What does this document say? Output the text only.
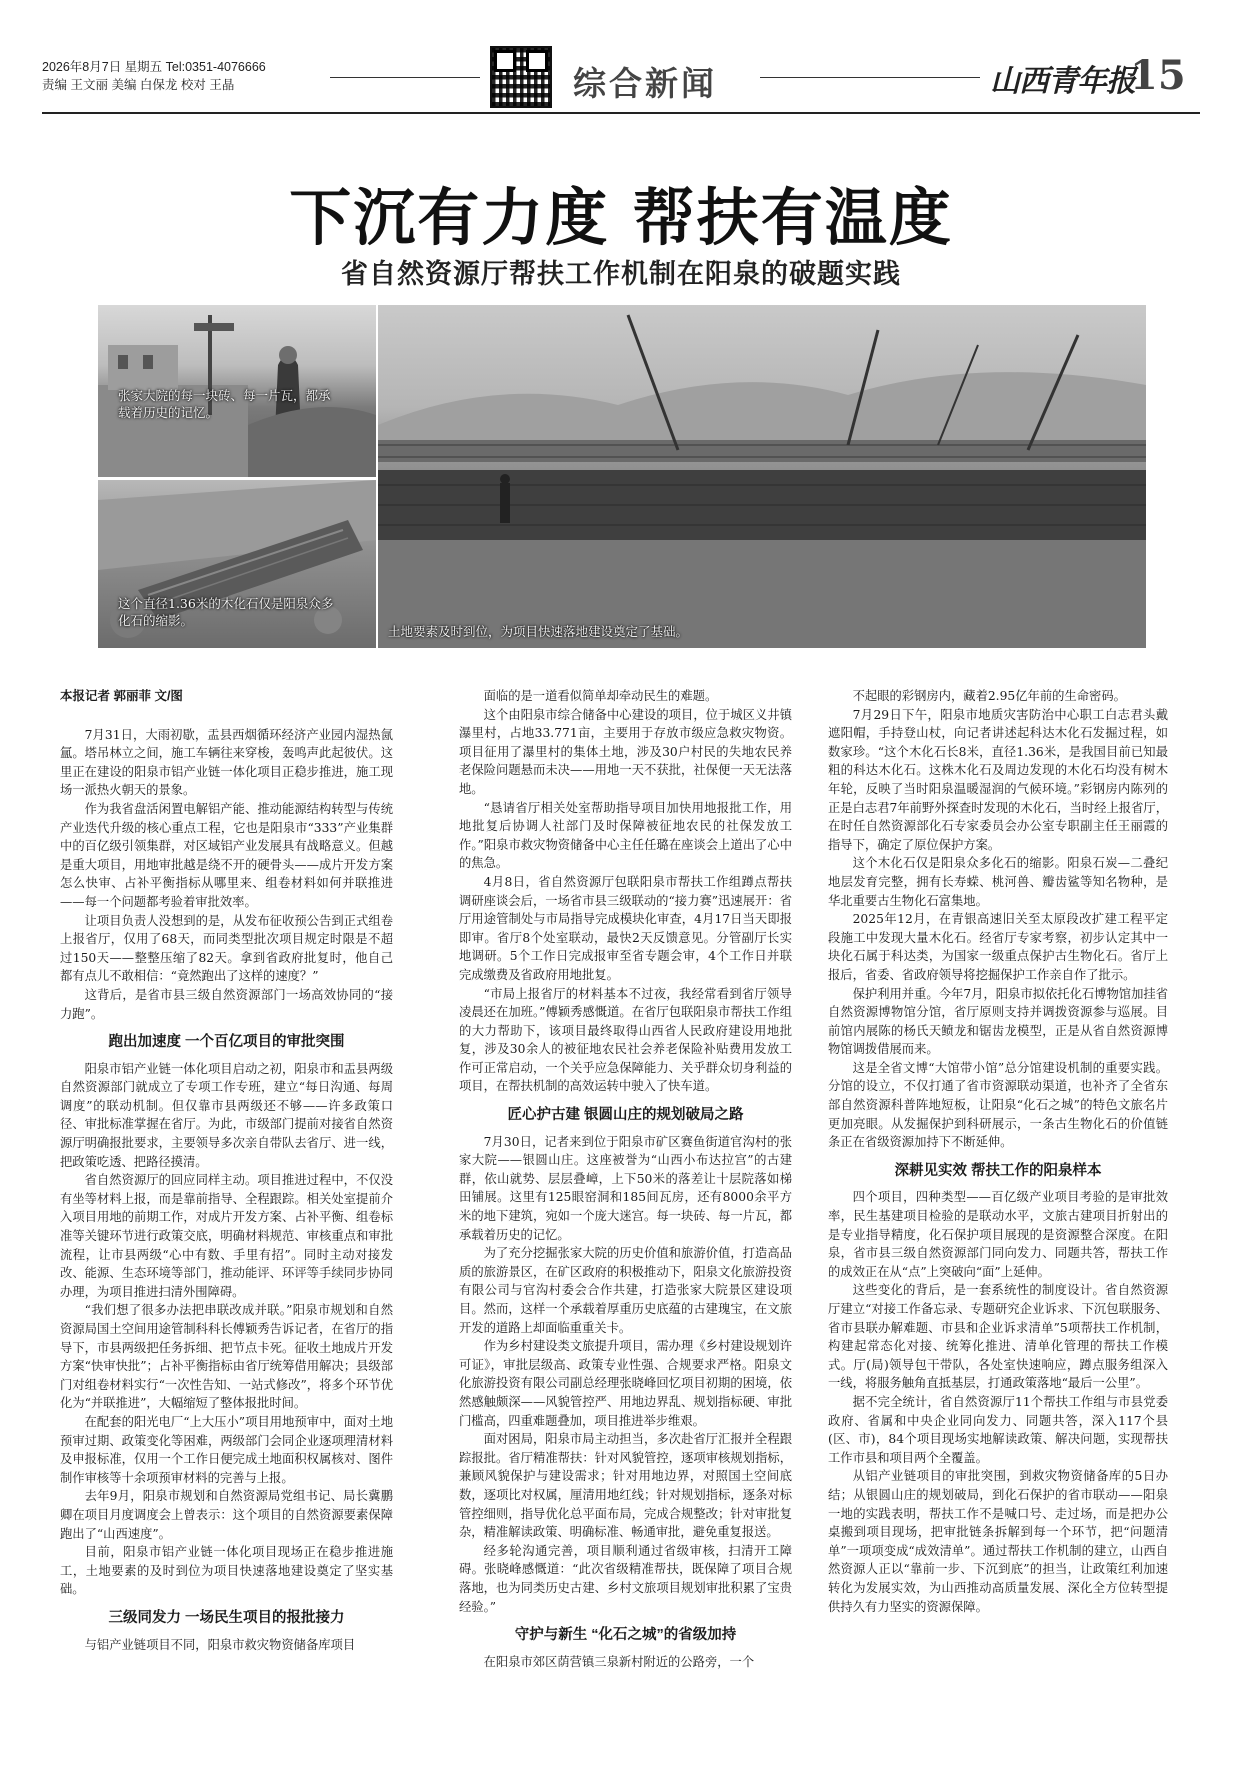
2026年8月7日 星期五 Tel:0351-4076666
责编 王文丽 美编 白保龙 校对 王晶	综合新闻	山西青年报
15
下沉有力度 帮扶有温度
省自然资源厅帮扶工作机制在阳泉的破题实践
张家大院的每一块砖、每一片瓦，都承载着历史的记忆。
这个直径1.36米的木化石仅是阳泉众多化石的缩影。
土地要素及时到位，为项目快速落地建设奠定了基础。

本报记者 郭丽菲 文/图

7月31日，大雨初歇，盂县西烟循环经济产业园内湿热氤氲。塔吊林立之间，施工车辆往来穿梭，轰鸣声此起彼伏。这里正在建设的阳泉市铝产业链一体化项目正稳步推进，施工现场一派热火朝天的景象。

作为我省盘活闲置电解铝产能、推动能源结构转型与传统产业迭代升级的核心重点工程，它也是阳泉市“333”产业集群中的百亿级引领集群，对区域铝产业发展具有战略意义。但越是重大项目，用地审批越是绕不开的硬骨头——成片开发方案怎么快审、占补平衡指标从哪里来、组卷材料如何并联推进——每一个问题都考验着审批效率。

让项目负责人没想到的是，从发布征收预公告到正式组卷上报省厅，仅用了68天，而同类型批次项目规定时限是不超过150天——整整压缩了82天。拿到省政府批复时，他自己都有点儿不敢相信：“竟然跑出了这样的速度？”

这背后，是省市县三级自然资源部门一场高效协同的“接力跑”。

跑出加速度 一个百亿项目的审批突围

阳泉市铝产业链一体化项目启动之初，阳泉市和盂县两级自然资源部门就成立了专项工作专班，建立“每日沟通、每周调度”的联动机制。但仅靠市县两级还不够——许多政策口径、审批标准掌握在省厅。为此，市级部门提前对接省自然资源厅明确报批要求，主要领导多次亲自带队去省厅、进一线，把政策吃透、把路径摸清。

省自然资源厅的回应同样主动。项目推进过程中，不仅没有坐等材料上报，而是靠前指导、全程跟踪。相关处室提前介入项目用地的前期工作，对成片开发方案、占补平衡、组卷标准等关键环节进行政策交底，明确材料规范、审核重点和审批流程，让市县两级“心中有数、手里有招”。同时主动对接发改、能源、生态环境等部门，推动能评、环评等手续同步协同办理，为项目推进扫清外围障碍。

“我们想了很多办法把串联改成并联。”阳泉市规划和自然资源局国土空间用途管制科科长傅颖秀告诉记者，在省厅的指导下，市县两级把任务拆细、把节点卡死。征收土地成片开发方案“快审快批”；占补平衡指标由省厅统筹借用解决；县级部门对组卷材料实行“一次性告知、一站式修改”，将多个环节优化为“并联推进”，大幅缩短了整体报批时间。

在配套的阳光电厂“上大压小”项目用地预审中，面对土地预审过期、政策变化等困难，两级部门会同企业逐项理清材料及申报标准，仅用一个工作日便完成土地面积权属核对、图件制作审核等十余项预审材料的完善与上报。

去年9月，阳泉市规划和自然资源局党组书记、局长冀鹏卿在项目月度调度会上曾表示：这个项目的自然资源要素保障跑出了“山西速度”。

目前，阳泉市铝产业链一体化项目现场正在稳步推进施工，土地要素的及时到位为项目快速落地建设奠定了坚实基础。

三级同发力 一场民生项目的报批接力

与铝产业链项目不同，阳泉市救灾物资储备库项目

面临的是一道看似简单却牵动民生的难题。

这个由阳泉市综合储备中心建设的项目，位于城区义井镇瀑里村，占地33.771亩，主要用于存放市级应急救灾物资。项目征用了瀑里村的集体土地，涉及30户村民的失地农民养老保险问题悬而未决——用地一天不获批，社保便一天无法落地。

“恳请省厅相关处室帮助指导项目加快用地报批工作，用地批复后协调人社部门及时保障被征地农民的社保发放工作。”阳泉市救灾物资储备中心主任任璐在座谈会上道出了心中的焦急。

4月8日，省自然资源厅包联阳泉市帮扶工作组蹲点帮扶调研座谈会后，一场省市县三级联动的“接力赛”迅速展开：省厅用途管制处与市局指导完成模块化审查，4月17日当天即报即审。省厅8个处室联动，最快2天反馈意见。分管副厅长实地调研。5个工作日完成报审至省专题会审，4个工作日并联完成缴费及省政府用地批复。

“市局上报省厅的材料基本不过夜，我经常看到省厅领导凌晨还在加班。”傅颖秀感慨道。在省厅包联阳泉市帮扶工作组的大力帮助下，该项目最终取得山西省人民政府建设用地批复，涉及30余人的被征地农民社会养老保险补贴费用发放工作可正常启动，一个关乎应急保障能力、关乎群众切身利益的项目，在帮扶机制的高效运转中驶入了快车道。

匠心护古建 银圆山庄的规划破局之路

7月30日，记者来到位于阳泉市矿区赛鱼街道官沟村的张家大院——银圆山庄。这座被誉为“山西小布达拉宫”的古建群，依山就势、层层叠嶂，上下50米的落差让十层院落如梯田铺展。这里有125眼窑洞和185间瓦房，还有8000余平方米的地下建筑，宛如一个庞大迷宫。每一块砖、每一片瓦，都承载着历史的记忆。

为了充分挖掘张家大院的历史价值和旅游价值，打造高品质的旅游景区，在矿区政府的积极推动下，阳泉文化旅游投资有限公司与官沟村委会合作共建，打造张家大院景区建设项目。然而，这样一个承载着厚重历史底蕴的古建瑰宝，在文旅开发的道路上却面临重重关卡。

作为乡村建设类文旅提升项目，需办理《乡村建设规划许可证》，审批层级高、政策专业性强、合规要求严格。阳泉文化旅游投资有限公司副总经理张晓峰回忆项目初期的困境，依然感触颇深——风貌管控严、用地边界乱、规划指标硬、审批门槛高，四重难题叠加，项目推进举步维艰。

面对困局，阳泉市局主动担当，多次赴省厅汇报并全程跟踪报批。省厅精准帮扶：针对风貌管控，逐项审核规划指标，兼顾风貌保护与建设需求；针对用地边界，对照国土空间底数，逐项比对权属，厘清用地红线；针对规划指标，逐条对标管控细则，指导优化总平面布局，完成合规整改；针对审批复杂，精准解读政策、明确标准、畅通审批，避免重复报送。

经多轮沟通完善，项目顺利通过省级审核，扫清开工障碍。张晓峰感慨道：“此次省级精准帮扶，既保障了项目合规落地，也为同类历史古建、乡村文旅项目规划审批积累了宝贵经验。”

守护与新生 “化石之城”的省级加持

在阳泉市郊区荫营镇三泉新村附近的公路旁，一个

不起眼的彩钢房内，藏着2.95亿年前的生命密码。

7月29日下午，阳泉市地质灾害防治中心职工白志君头戴遮阳帽，手持登山杖，向记者讲述起科达木化石发掘过程，如数家珍。“这个木化石长8米，直径1.36米，是我国目前已知最粗的科达木化石。这株木化石及周边发现的木化石均没有树木年轮，反映了当时阳泉温暖湿润的气候环境。”彩钢房内陈列的正是白志君7年前野外探查时发现的木化石，当时经上报省厅，在时任自然资源部化石专家委员会办公室专职副主任王丽霞的指导下，确定了原位保护方案。

这个木化石仅是阳泉众多化石的缩影。阳泉石炭—二叠纪地层发育完整，拥有长寿蝾、桃河兽、瓣齿鲨等知名物种，是华北重要古生物化石富集地。

2025年12月，在青银高速旧关至太原段改扩建工程平定段施工中发现大量木化石。经省厅专家考察，初步认定其中一块化石属于科达类，为国家一级重点保护古生物化石。省厅上报后，省委、省政府领导将挖掘保护工作亲自作了批示。

保护利用并重。今年7月，阳泉市拟依托化石博物馆加挂省自然资源博物馆分馆，省厅原则支持并调拨资源参与巡展。目前馆内展陈的杨氏天鲼龙和锯齿龙模型，正是从省自然资源博物馆调拨借展而来。

这是全省文博“大馆带小馆”总分馆建设机制的重要实践。分馆的设立，不仅打通了省市资源联动渠道，也补齐了全省东部自然资源科普阵地短板，让阳泉“化石之城”的特色文旅名片更加亮眼。从发掘保护到科研展示，一条古生物化石的价值链条正在省级资源加持下不断延伸。

深耕见实效 帮扶工作的阳泉样本

四个项目，四种类型——百亿级产业项目考验的是审批效率，民生基建项目检验的是联动水平，文旅古建项目折射出的是专业指导精度，化石保护项目展现的是资源整合深度。在阳泉，省市县三级自然资源部门同向发力、同题共答，帮扶工作的成效正在从“点”上突破向“面”上延伸。

这些变化的背后，是一套系统性的制度设计。省自然资源厅建立“对接工作备忘录、专题研究企业诉求、下沉包联服务、省市县联办解难题、市县和企业诉求清单”5项帮扶工作机制，构建起常态化对接、统筹化推进、清单化管理的帮扶工作模式。厅(局)领导包干带队，各处室快速响应，蹲点服务组深入一线，将服务触角直抵基层，打通政策落地“最后一公里”。

据不完全统计，省自然资源厅11个帮扶工作组与市县党委政府、省属和中央企业同向发力、同题共答，深入117个县(区、市)，84个项目现场实地解读政策、解决问题，实现帮扶工作市县和项目两个全覆盖。

从铝产业链项目的审批突围，到救灾物资储备库的5日办结；从银圆山庄的规划破局，到化石保护的省市联动——阳泉一地的实践表明，帮扶工作不是喊口号、走过场，而是把办公桌搬到项目现场，把审批链条拆解到每一个环节，把“问题清单”一项项变成“成效清单”。通过帮扶工作机制的建立，山西自然资源人正以“靠前一步、下沉到底”的担当，让政策红利加速转化为发展实效，为山西推动高质量发展、深化全方位转型提供持久有力坚实的资源保障。
